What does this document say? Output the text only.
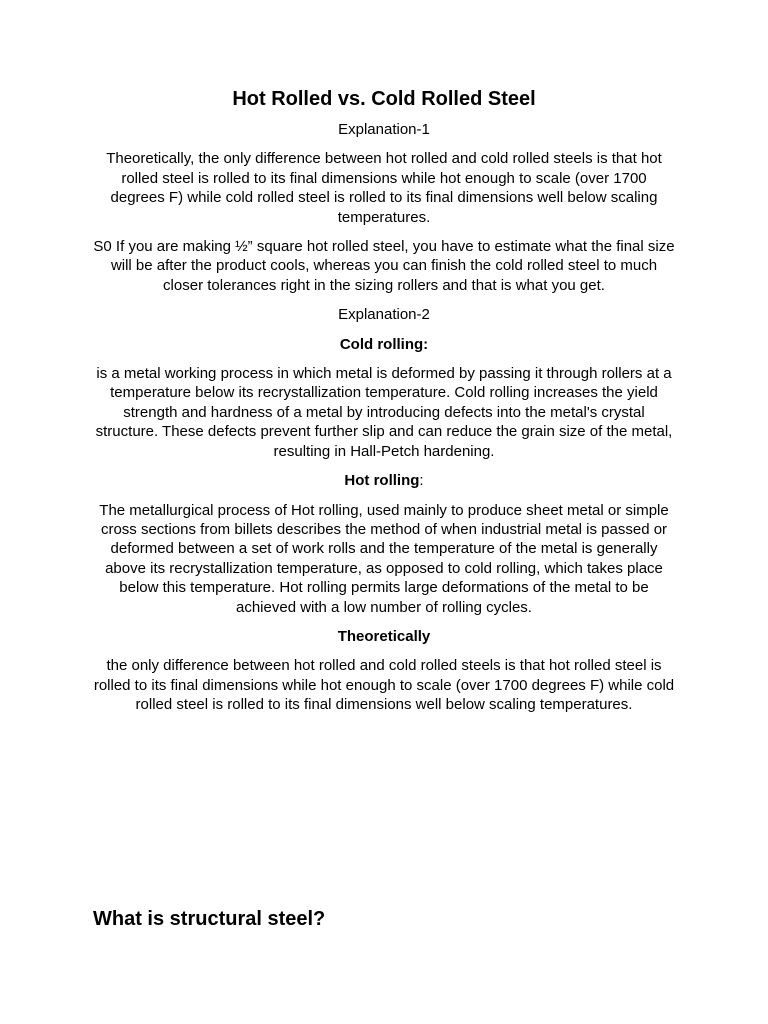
Hot Rolled vs. Cold Rolled Steel
Explanation-1
Theoretically, the only difference between hot rolled and cold rolled steels is that hot rolled steel is rolled to its final dimensions while hot enough to scale (over 1700 degrees F) while cold rolled steel is rolled to its final dimensions well below scaling temperatures.
S0 If you are making ½” square hot rolled steel, you have to estimate what the final size will be after the product cools, whereas you can finish the cold rolled steel to much closer tolerances right in the sizing rollers and that is what you get.
Explanation-2
Cold rolling:
is a metal working process in which metal is deformed by passing it through rollers at a temperature below its recrystallization temperature. Cold rolling increases the yield strength and hardness of a metal by introducing defects into the metal's crystal structure. These defects prevent further slip and can reduce the grain size of the metal, resulting in Hall-Petch hardening.
Hot rolling:
The metallurgical process of Hot rolling, used mainly to produce sheet metal or simple cross sections from billets describes the method of when industrial metal is passed or deformed between a set of work rolls and the temperature of the metal is generally above its recrystallization temperature, as opposed to cold rolling, which takes place below this temperature. Hot rolling permits large deformations of the metal to be achieved with a low number of rolling cycles.
Theoretically
the only difference between hot rolled and cold rolled steels is that hot rolled steel is rolled to its final dimensions while hot enough to scale (over 1700 degrees F) while cold rolled steel is rolled to its final dimensions well below scaling temperatures.
What is structural steel?
